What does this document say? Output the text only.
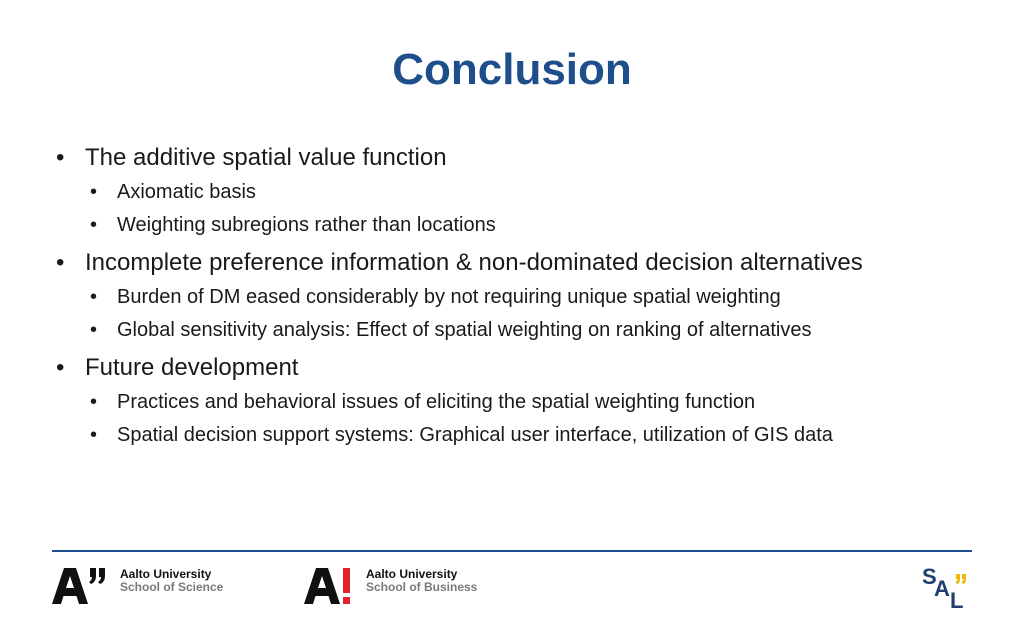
Conclusion
• The additive spatial value function
• Axiomatic basis
• Weighting subregions rather than locations
• Incomplete preference information & non-dominated decision alternatives
• Burden of DM eased considerably by not requiring unique spatial weighting
• Global sensitivity analysis: Effect of spatial weighting on ranking of alternatives
• Future development
• Practices and behavioral issues of eliciting the spatial weighting function
• Spatial decision support systems: Graphical user interface, utilization of GIS data
Aalto University
School of Science
Aalto University
School of Business	S
A L
